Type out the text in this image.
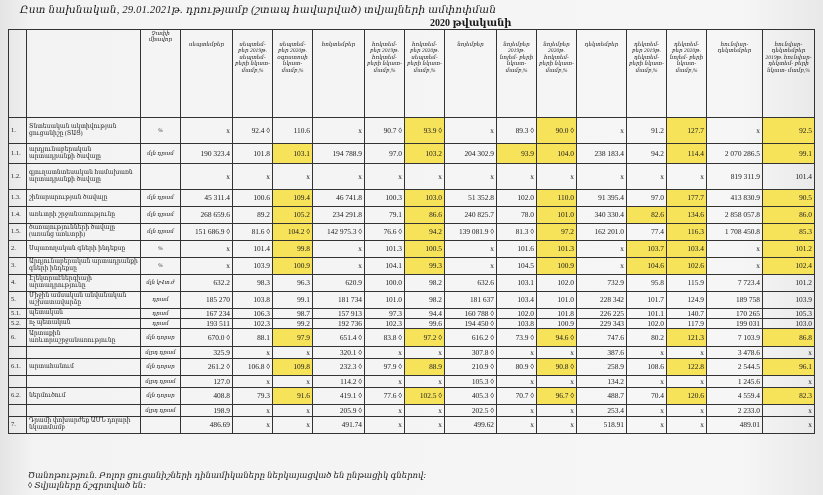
Ըստ նախնական, 29.01.2021թ. դրությամբ (շտապ հավարված) տվյալների ամփոփման
2020 թվականի
		Չափի միավոր	սեպտեմբեր	սեպտեմ- բեր 2019թ. սեպտեմ- բերի նկատ- մամբ,%	սեպտեմ- բեր 2020թ. օգոստոսի նկատ- մամբ,%	հոկտեմբեր	հոկտեմ- բեր 2019թ. հոկտեմ- բերի նկատ- մամբ,%	հոկտեմ- բեր 2020թ. սեպտեմ- բերի նկատ- մամբ,%	նոյեմբեր	նոյեմբեր 2019թ. նոյեմ- բերի նկատ- մամբ,%	նոյեմբեր 2020թ. հոկտեմ- բերի նկատ- մամբ,%	դեկտեմբեր	դեկտեմ- բեր 2019թ. դեկտեմ- բերի նկատ- մամբ,%	դեկտեմ- բեր 2020թ. նոյեմ- բերի նկատ- մամբ,%	հունվար- դեկտեմբեր	հունվար- դեկտեմբեր 2019թ. հունվար- դեկտեմ- բերի նկատ- մամբ,%
1.	Տնտեսական ակտիվության ցուցանիշը (ՏԱՑ)	%	x	92.4 ◊	110.6	x	90.7 ◊	93.9 ◊	x	89.3 ◊	90.0 ◊	x	91.2	127.7	x	92.5
1.1.	արդյունաբերական արտադրանքի ծավալը	մլն դրամ	190 323.4	101.8	103.1	194 788.9	97.0	103.2	204 302.9	93.9	104.0	238 183.4	94.2	114.4	2 070 286.5	99.1
1.2.	գյուղատնտեսական համախառն արտադրանքի ծավալը		x	x	x	x	x	x	x	x	x	x	x	x	819 311.9	101.4
1.3.	շինարարության ծավալը	մլն դրամ	45 311.4	100.6	109.4	46 741.8	100.3	103.0	51 352.8	102.0	110.0	91 395.4	97.0	177.7	413 830.9	90.5
1.4.	առևտրի շրջանառությունը	մլն դրամ	268 659.6	89.2	105.2	234 291.8	79.1	86.6	240 825.7	78.0	101.0	340 330.4	82.6	134.6	2 858 057.8	86.0
1.5.	ծառայությունների ծավալը (առանց առևտրի)	մլն դրամ	151 686.9 ◊	81.6 ◊	104.2 ◊	142 975.3 ◊	76.6 ◊	94.2	139 081.9 ◊	81.3 ◊	97.2	162 201.0	77.4	116.3	1 708 450.8	85.3
2.	Սպառողական գների ինդեքսը	%	x	101.4	99.8	x	101.3	100.5	x	101.6	101.3	x	103.7	103.4	x	101.2
3.	Արդյունաբերական արտադրանքի գների ինդեքսը	%	x	103.9	100.9	x	104.1	99.3	x	104.5	100.9	x	104.6	102.6	x	102.4
4.	Էլեկտրաէներգիայի արտադրությունը	մլն կՎտ.ժ	632.2	98.3	96.3	620.9	100.0	98.2	632.6	103.1	102.0	732.9	95.8	115.9	7 723.4	101.2
5.	Միջին ամսական անվանական աշխատավարձը	դրամ	185 270	103.8	99.1	181 734	101.0	98.2	181 637	103.4	101.0	228 342	101.7	124.9	189 758	103.9
5.1.	պետական	դրամ	167 234	106.3	98.7	157 913	97.3	94.4	160 788 ◊	102.0	101.8	226 225	101.1	140.7	170 265	105.3
5.2.	ոչ պետական	դրամ	193 511	102.3	99.2	192 736	102.3	99.6	194 450 ◊	103.8	100.9	229 343	102.0	117.9	199 031	103.0
6.	Արտաքին առևտրաշրջանառությունը	մլն դոլար	670.0 ◊	88.1	97.9	651.4 ◊	83.8 ◊	97.2 ◊	616.2 ◊	73.9 ◊	94.6 ◊	747.6	80.2	121.3	7 103.9	86.8
		մլրդ դրամ	325.9	x	x	320.1 ◊	x	x	307.8 ◊	x	x	387.6	x	x	3 478.6	x
6.1.	արտահանում	մլն դոլար	261.2 ◊	106.8 ◊	109.8	232.3 ◊	97.9 ◊	88.9	210.9 ◊	80.9 ◊	90.8 ◊	258.9	108.6	122.8	2 544.5	96.1
		մլրդ դրամ	127.0	x	x	114.2 ◊	x	x	105.3 ◊	x	x	134.2	x	x	1 245.6	x
6.2.	ներմուծում	մլն դոլար	408.8	79.3	91.6	419.1 ◊	77.6 ◊	102.5 ◊	405.3 ◊	70.7 ◊	96.7 ◊	488.7	70.4	120.6	4 559.4	82.3
		մլրդ դրամ	198.9	x	x	205.9 ◊	x	x	202.5 ◊	x	x	253.4	x	x	2 233.0	x
7.	Դրամի փոխարժեք ԱՄՆ դոլարի նկատմամբ		486.69	x	x	491.74	x	x	499.62	x	x	518.91	x	x	489.01	x
Ծանոթություն. Բոլոր ցուցանիշների դինամիկաները ներկայացված են ընթացիկ գներով:
◊ Տվյալները ճշգրտված են:
